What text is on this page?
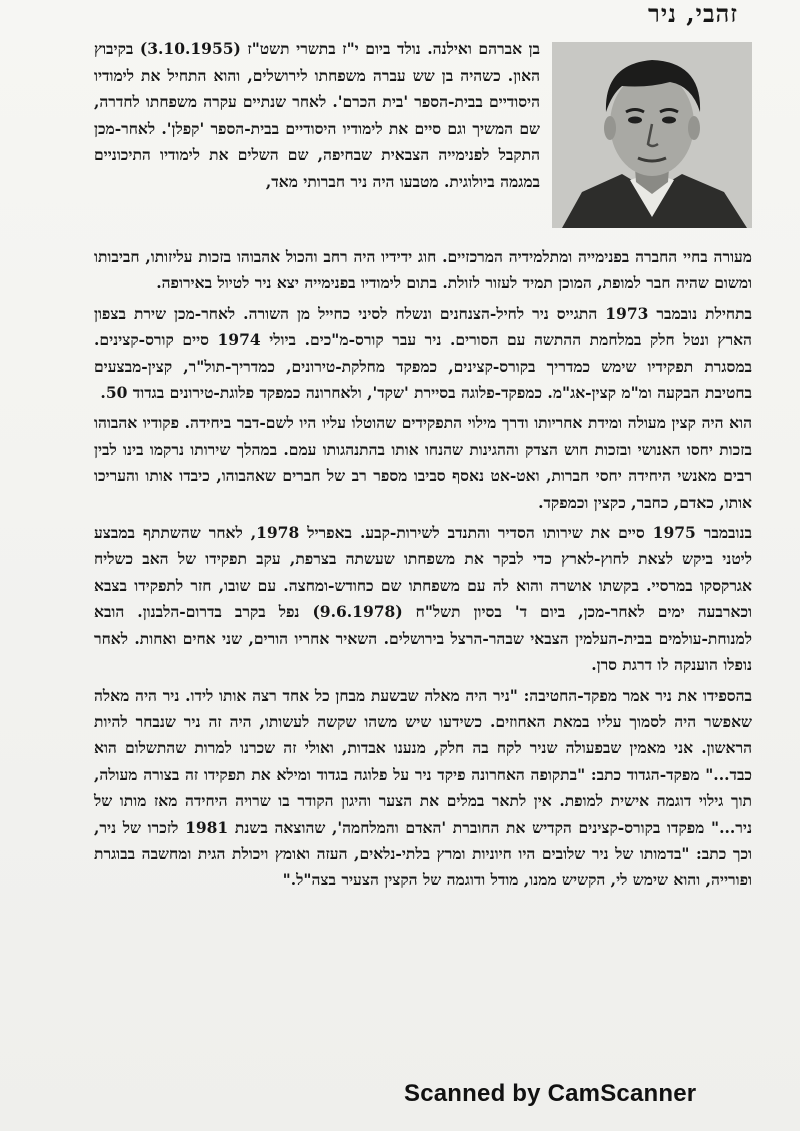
זהבי, ניר

בן אברהם ואילנה. נולד ביום י"ז בתשרי תשט"ז (3.10.1955) בקיבוץ האון. כשהיה בן שש עברה משפחתו לירושלים, והוא התחיל את לימודיו היסודיים בבית-הספר 'בית הכרם'. לאחר שנתיים עקרה משפחתו לחדרה, שם המשיך וגם סיים את לימודיו היסודיים בבית-הספר 'קפלן'. לאחר-מכן התקבל לפנימייה הצבאית שבחיפה, שם השלים את לימודיו התיכוניים במגמה ביולוגית. מטבעו היה ניר חברותי מאד,

מעורה בחיי החברה בפנימייה ומתלמידיה המרכזיים. חוג ידידיו היה רחב והכול אהבוהו בזכות עליזותו, חביבותו ומשום שהיה חבר למופת, המוכן תמיד לעזור לזולת. בתום לימודיו בפנימייה יצא ניר לטיול באירופה.

בתחילת נובמבר 1973 התגייס ניר לחיל-הצנחנים ונשלח לסיני כחייל מן השורה. לאחר-מכן שירת בצפון הארץ ונטל חלק במלחמת ההתשה עם הסורים. ניר עבר קורס-מ"כים. ביולי 1974 סיים קורס-קצינים. במסגרת תפקידיו שימש כמדריך בקורס-קצינים, כמפקד מחלקת-טירונים, כמדריך-תול"ר, קצין-מבצעים בחטיבת הבקעה ומ"מ קצין-אג"מ. כמפקד-פלוגה בסיירת 'שקד', ולאחרונה כמפקד פלוגת-טירונים בגדוד 50.

הוא היה קצין מעולה ומידת אחריותו ודרך מילוי התפקידים שהוטלו עליו היו לשם-דבר ביחידה. פקודיו אהבוהו בזכות יחסו האנושי ובזכות חוש הצדק וההגינות שהנחו אותו בהתנהגותו עמם. במהלך שירותו נרקמו בינו לבין רבים מאנשי היחידה יחסי חברות, ואט-אט נאסף סביבו מספר רב של חברים שאהבוהו, כיבדו אותו והעריכו אותו, כאדם, כחבר, כקצין וכמפקד.

בנובמבר 1975 סיים את שירותו הסדיר והתנדב לשירות-קבע. באפריל 1978, לאחר שהשתתף במבצע ליטני ביקש לצאת לחוץ-לארץ כדי לבקר את משפחתו שעשתה בצרפת, עקב תפקידו של האב כשליח אגרקסקו במרסיי. בקשתו אושרה והוא לה עם משפחתו שם כחודש-ומחצה. עם שובו, חזר לתפקידו בצבא וכארבעה ימים לאחר-מכן, ביום ד' בסיון תשל"ח (9.6.1978) נפל בקרב בדרום-הלבנון. הובא למנוחת-עולמים בבית-העלמין הצבאי שבהר-הרצל בירושלים. השאיר אחריו הורים, שני אחים ואחות. לאחר נופלו הוענקה לו דרגת סרן.

בהספידו את ניר אמר מפקד-החטיבה: "ניר היה מאלה שבשעת מבחן כל אחד רצה אותו לידו. ניר היה מאלה שאפשר היה לסמוך עליו במאת האחוזים. כשידעו שיש משהו שקשה לעשותו, היה זה ניר שנבחר להיות הראשון. אני מאמין שבפעולה שניר לקח בה חלק, מנענו אבדות, ואולי זה שכרנו למרות שהתשלום הוא כבד..." מפקד-הגדוד כתב: "בתקופה האחרונה פיקד ניר על פלוגה בגדוד ומילא את תפקידו זה בצורה מעולה, תוך גילוי דוגמה אישית למופת. אין לתאר במלים את הצער והיגון הקודר בו שרויה היחידה מאז מותו של ניר..." מפקדו בקורס-קצינים הקדיש את החוברת 'האדם והמלחמה', שהוצאה בשנת 1981 לזכרו של ניר, וכך כתב: "בדמותו של ניר שלובים היו חיוניות ומרץ בלתי-נלאים, העזה ואומץ ויכולת הגית ומחשבה בבוגרת ופורייה, והוא שימש לי, הקשיש ממנו, מודל ודוגמה של הקצין הצעיר בצה"ל."

Scanned by CamScanner
